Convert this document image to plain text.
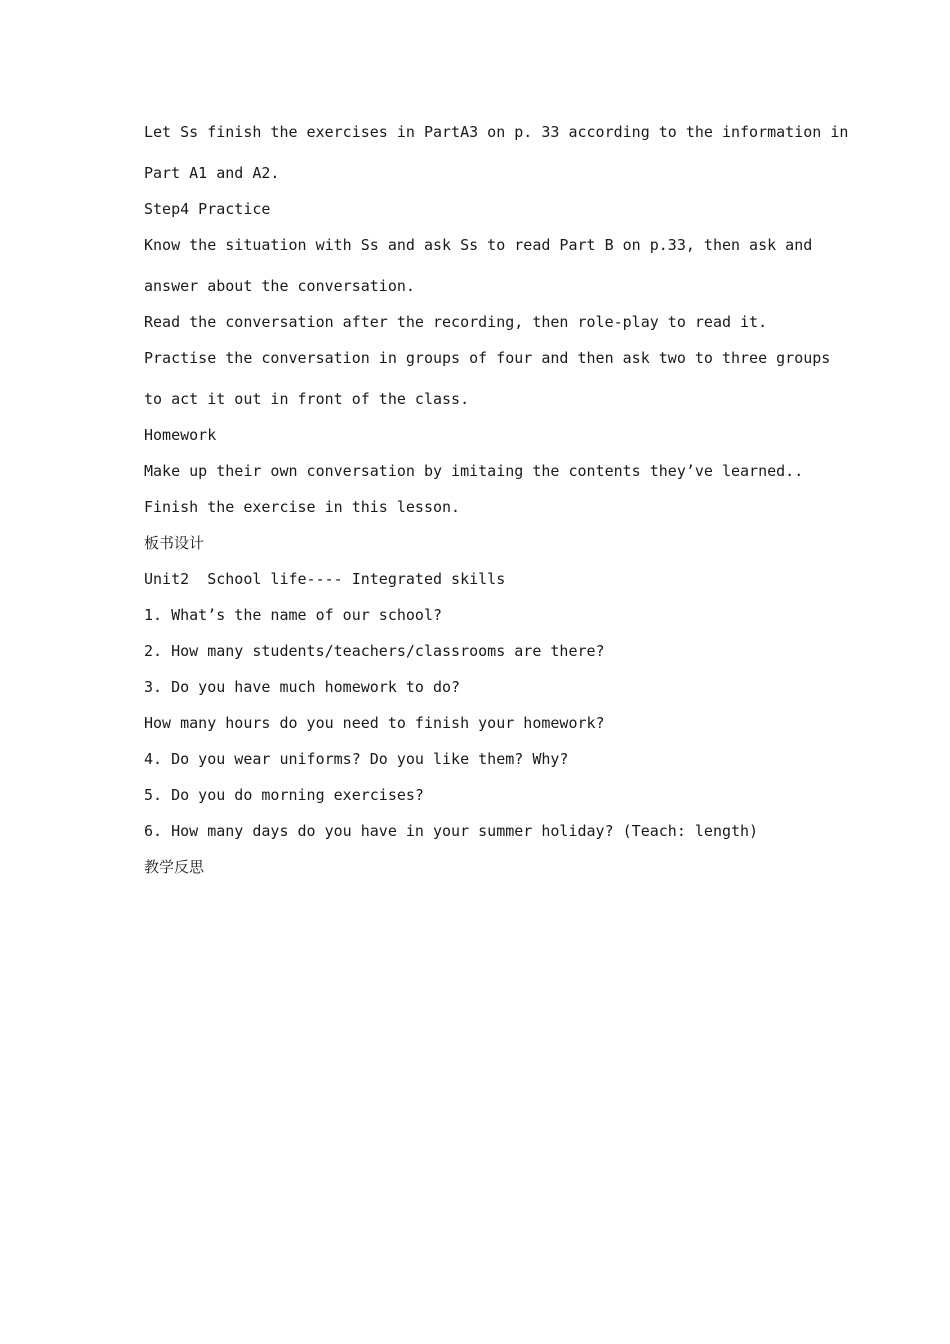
Let Ss finish the exercises in PartA3 on p. 33 according to the information in
Part A1 and A2.
Step4 Practice
Know the situation with Ss and ask Ss to read Part B on p.33, then ask and
answer about the conversation.
Read the conversation after the recording, then role-play to read it.
Practise the conversation in groups of four and then ask two to three groups
to act it out in front of the class.
Homework
Make up their own conversation by imitaing the contents they’ve learned..
Finish the exercise in this lesson.
板书设计
Unit2  School life---- Integrated skills
1. What’s the name of our school?
2. How many students/teachers/classrooms are there?
3. Do you have much homework to do?
How many hours do you need to finish your homework?
4. Do you wear uniforms? Do you like them? Why?
5. Do you do morning exercises?
6. How many days do you have in your summer holiday? (Teach: length)
教学反思
